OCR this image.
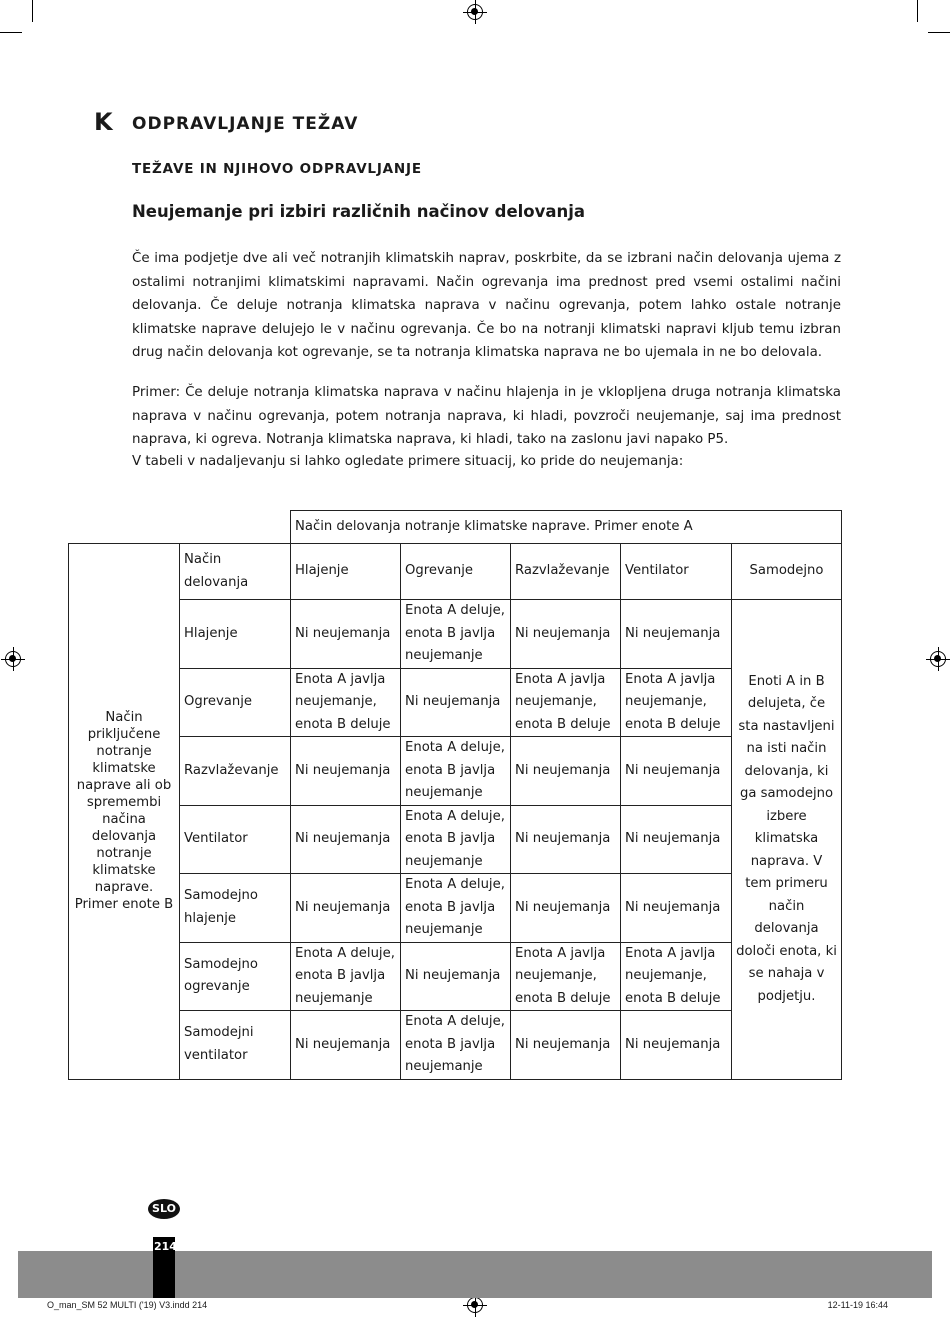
K ODPRAVLJANJE TEŽAV
TEŽAVE IN NJIHOVO ODPRAVLJANJE
Neujemanje pri izbiri različnih načinov delovanja
Če ima podjetje dve ali več notranjih klimatskih naprav, poskrbite, da se izbrani način delovanja ujema z ostalimi notranjimi klimatskimi napravami. Način ogrevanja ima prednost pred vsemi ostalimi načini delovanja. Če deluje notranja klimatska naprava v načinu ogrevanja, potem lahko ostale notranje klimatske naprave delujejo le v načinu ogrevanja. Če bo na notranji klimatski napravi kljub temu izbran drug način delovanja kot ogrevanje, se ta notranja klimatska naprava ne bo ujemala in ne bo delovala.
Primer: Če deluje notranja klimatska naprava v načinu hlajenja in je vklopljena druga notranja klimatska naprava v načinu ogrevanja, potem notranja naprava, ki hladi, povzroči neujemanje, saj ima prednost naprava, ki ogreva. Notranja klimatska naprava, ki hladi, tako na zaslonu javi napako P5.
V tabeli v nadaljevanju si lahko ogledate primere situacij, ko pride do neujemanja:
		Način delovanja notranje klimatske naprave. Primer enote A				
Način priključene notranje klimatske naprave ali ob spremembi načina delovanja notranje klimatske naprave. Primer enote B	Način delovanja	Hlajenje	Ogrevanje	Razvlaževanje	Ventilator	Samodejno
	Hlajenje	Ni neujemanja	Enota A deluje, enota B javlja neujemanje	Ni neujemanja	Ni neujemanja	Enoti A in B delujeta, če sta nastavljeni na isti način delovanja, ki ga samodejno izbere klimatska naprava. V tem primeru način delovanja določi enota, ki se nahaja v podjetju.
	Ogrevanje	Enota A javlja neujemanje, enota B deluje	Ni neujemanja	Enota A javlja neujemanje, enota B deluje	Enota A javlja neujemanje, enota B deluje	
	Razvlaževanje	Ni neujemanja	Enota A deluje, enota B javlja neujemanje	Ni neujemanja	Ni neujemanja	
	Ventilator	Ni neujemanja	Enota A deluje, enota B javlja neujemanje	Ni neujemanja	Ni neujemanja	
	Samodejno hlajenje	Ni neujemanja	Enota A deluje, enota B javlja neujemanje	Ni neujemanja	Ni neujemanja	
	Samodejno ogrevanje	Enota A deluje, enota B javlja neujemanje	Ni neujemanja	Enota A javlja neujemanje, enota B deluje	Enota A javlja neujemanje, enota B deluje	
	Samodejni ventilator	Ni neujemanja	Enota A deluje, enota B javlja neujemanje	Ni neujemanja	Ni neujemanja	
SLO
214
O_man_SM 52 MULTI ('19) V3.indd 214	12-11-19 16:44
